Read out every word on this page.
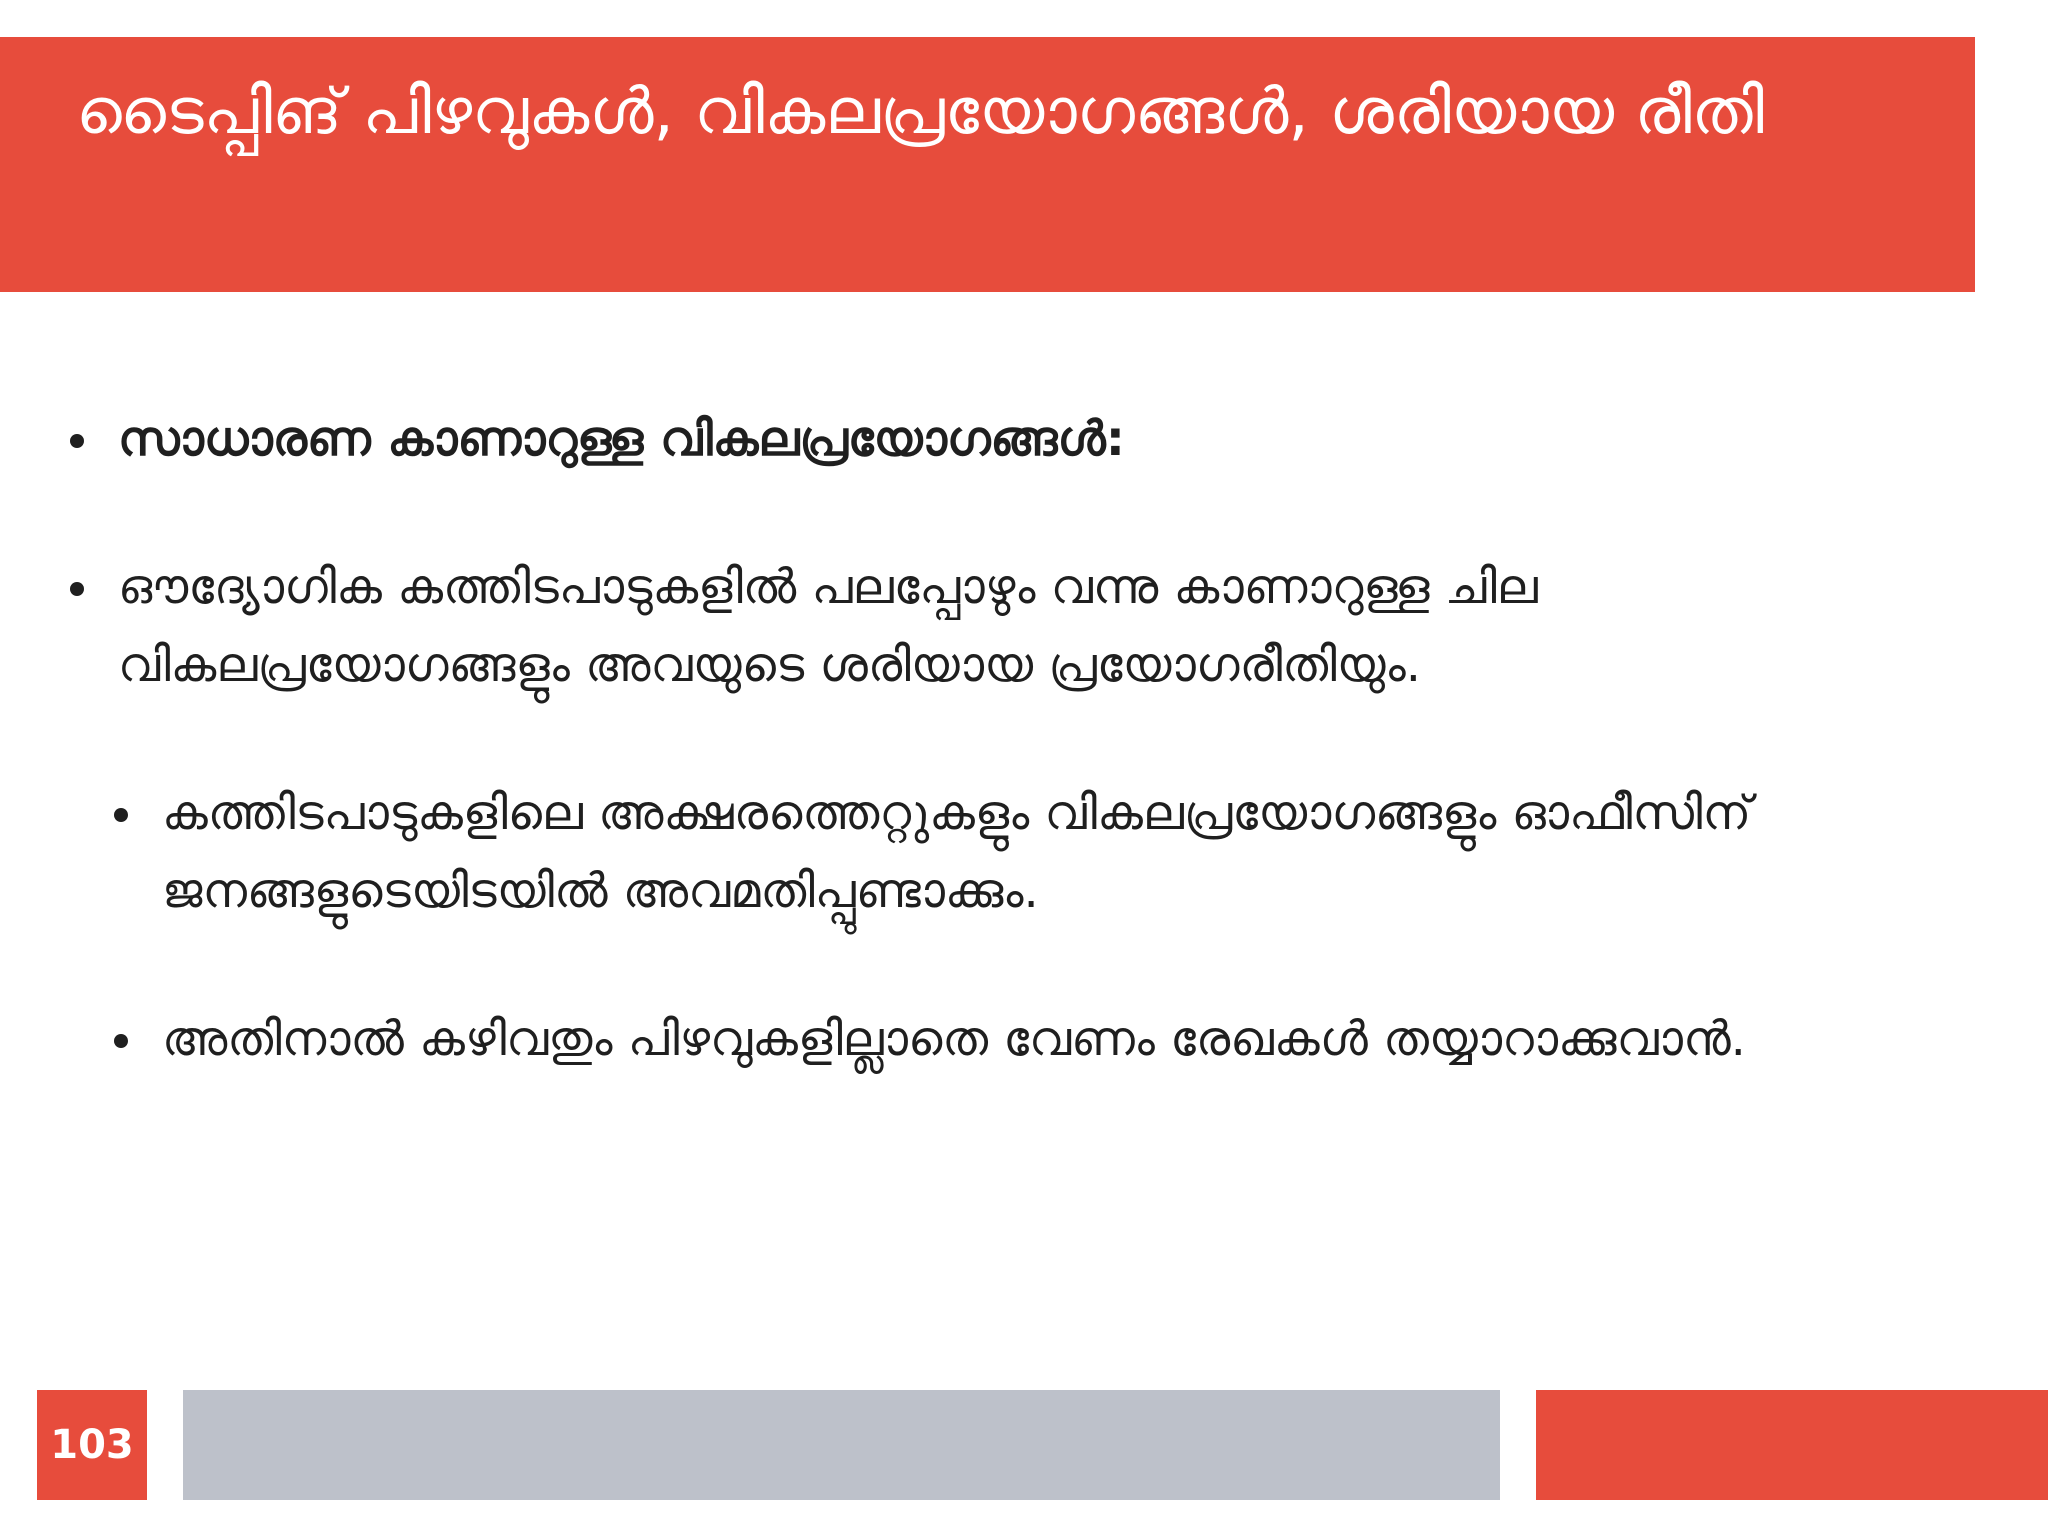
ടൈപ്പിങ് പിഴവുകൾ, വികലപ്രയോഗങ്ങൾ, ശരിയായ രീതി
സാധാരണ കാണാറുള്ള വികലപ്രയോഗങ്ങൾ:
ഔദ്യോഗിക കത്തിടപാടുകളിൽ പലപ്പോഴും വന്നു കാണാറുള്ള ചില വികലപ്രയോഗങ്ങളും അവയുടെ ശരിയായ പ്രയോഗരീതിയും.
കത്തിടപാടുകളിലെ അക്ഷരത്തെറ്റുകളും വികലപ്രയോഗങ്ങളും ഓഫീസിന് ജനങ്ങളുടെയിടയിൽ അവമതിപ്പുണ്ടാക്കും.
അതിനാൽ കഴിവതും പിഴവുകളില്ലാതെ വേണം രേഖകൾ തയ്യാറാക്കുവാൻ.
103
